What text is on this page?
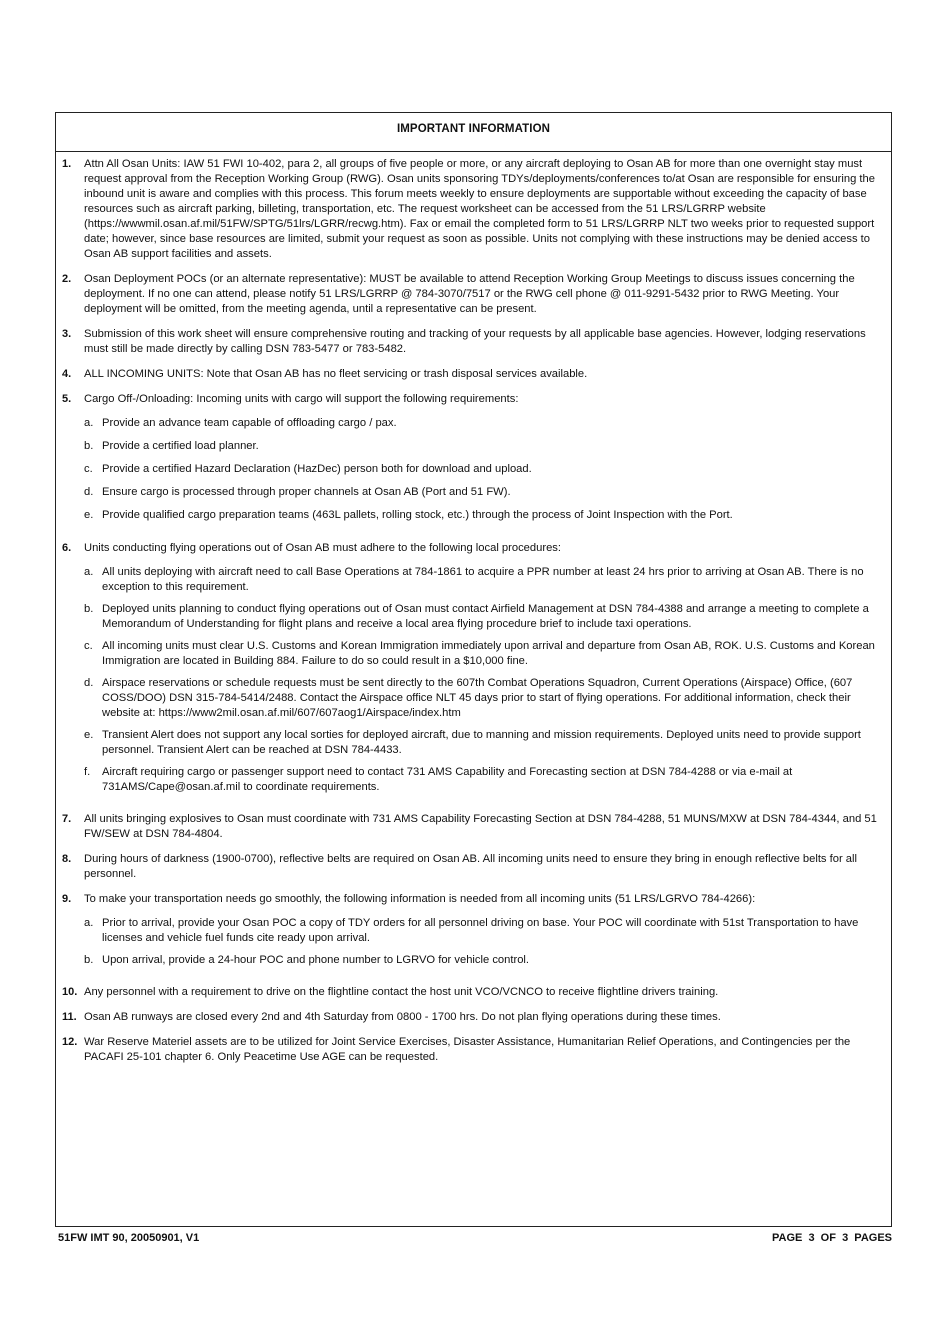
IMPORTANT INFORMATION
1.	Attn All Osan Units: IAW 51 FWI 10-402, para 2, all groups of five people or more, or any aircraft deploying to Osan AB for more than one overnight stay must request approval from the Reception Working Group (RWG). Osan units sponsoring TDYs/deployments/conferences to/at Osan are responsible for ensuring the inbound unit is aware and complies with this process. This forum meets weekly to ensure deployments are supportable without exceeding the capacity of base resources such as aircraft parking, billeting, transportation, etc. The request worksheet can be accessed from the 51 LRS/LGRRP website (https://wwwmil.osan.af.mil/51FW/SPTG/51lrs/LGRR/recwg.htm). Fax or email the completed form to 51 LRS/LGRRP NLT two weeks prior to requested support date; however, since base resources are limited, submit your request as soon as possible. Units not complying with these instructions may be denied access to Osan AB support facilities and assets.
2.	Osan Deployment POCs (or an alternate representative): MUST be available to attend Reception Working Group Meetings to discuss issues concerning the deployment. If no one can attend, please notify 51 LRS/LGRRP @ 784-3070/7517 or the RWG cell phone @ 011-9291-5432 prior to RWG Meeting. Your deployment will be omitted, from the meeting agenda, until a representative can be present.
3.	Submission of this work sheet will ensure comprehensive routing and tracking of your requests by all applicable base agencies. However, lodging reservations must still be made directly by calling DSN 783-5477 or 783-5482.
4.	ALL INCOMING UNITS: Note that Osan AB has no fleet servicing or trash disposal services available.
5.	Cargo Off-/Onloading: Incoming units with cargo will support the following requirements:
a. Provide an advance team capable of offloading cargo / pax.
b. Provide a certified load planner.
c. Provide a certified Hazard Declaration (HazDec) person both for download and upload.
d. Ensure cargo is processed through proper channels at Osan AB (Port and 51 FW).
e. Provide qualified cargo preparation teams (463L pallets, rolling stock, etc.) through the process of Joint Inspection with the Port.
6.	Units conducting flying operations out of Osan AB must adhere to the following local procedures:
a. All units deploying with aircraft need to call Base Operations at 784-1861 to acquire a PPR number at least 24 hrs prior to arriving at Osan AB. There is no exception to this requirement.
b. Deployed units planning to conduct flying operations out of Osan must contact Airfield Management at DSN 784-4388 and arrange a meeting to complete a Memorandum of Understanding for flight plans and receive a local area flying procedure brief to include taxi operations.
c. All incoming units must clear U.S. Customs and Korean Immigration immediately upon arrival and departure from Osan AB, ROK. U.S. Customs and Korean Immigration are located in Building 884. Failure to do so could result in a $10,000 fine.
d. Airspace reservations or schedule requests must be sent directly to the 607th Combat Operations Squadron, Current Operations (Airspace) Office, (607 COSS/DOO) DSN 315-784-5414/2488. Contact the Airspace office NLT 45 days prior to start of flying operations. For additional information, check their website at: https://www2mil.osan.af.mil/607/607aog1/Airspace/index.htm
e. Transient Alert does not support any local sorties for deployed aircraft, due to manning and mission requirements. Deployed units need to provide support personnel. Transient Alert can be reached at DSN 784-4433.
f.	Aircraft requiring cargo or passenger support need to contact 731 AMS Capability and Forecasting section at DSN 784-4288 or via e-mail at 731AMS/Cape@osan.af.mil to coordinate requirements.
7.	All units bringing explosives to Osan must coordinate with 731 AMS Capability Forecasting Section at DSN 784-4288, 51 MUNS/MXW at DSN 784-4344, and 51 FW/SEW at DSN 784-4804.
8.	During hours of darkness (1900-0700), reflective belts are required on Osan AB. All incoming units need to ensure they bring in enough reflective belts for all personnel.
9.	To make your transportation needs go smoothly, the following information is needed from all incoming units (51 LRS/LGRVO 784-4266):
a. Prior to arrival, provide your Osan POC a copy of TDY orders for all personnel driving on base. Your POC will coordinate with 51st Transportation to have licenses and vehicle fuel funds cite ready upon arrival.
b. Upon arrival, provide a 24-hour POC and phone number to LGRVO for vehicle control.
10. Any personnel with a requirement to drive on the flightline contact the host unit VCO/VCNCO to receive flightline drivers training.
11. Osan AB runways are closed every 2nd and 4th Saturday from 0800 - 1700 hrs. Do not plan flying operations during these times.
12. War Reserve Materiel assets are to be utilized for Joint Service Exercises, Disaster Assistance, Humanitarian Relief Operations, and Contingencies per the PACAFI 25-101 chapter 6. Only Peacetime Use AGE can be requested.
51FW IMT 90, 20050901, V1	PAGE  3  OF  3  PAGES
